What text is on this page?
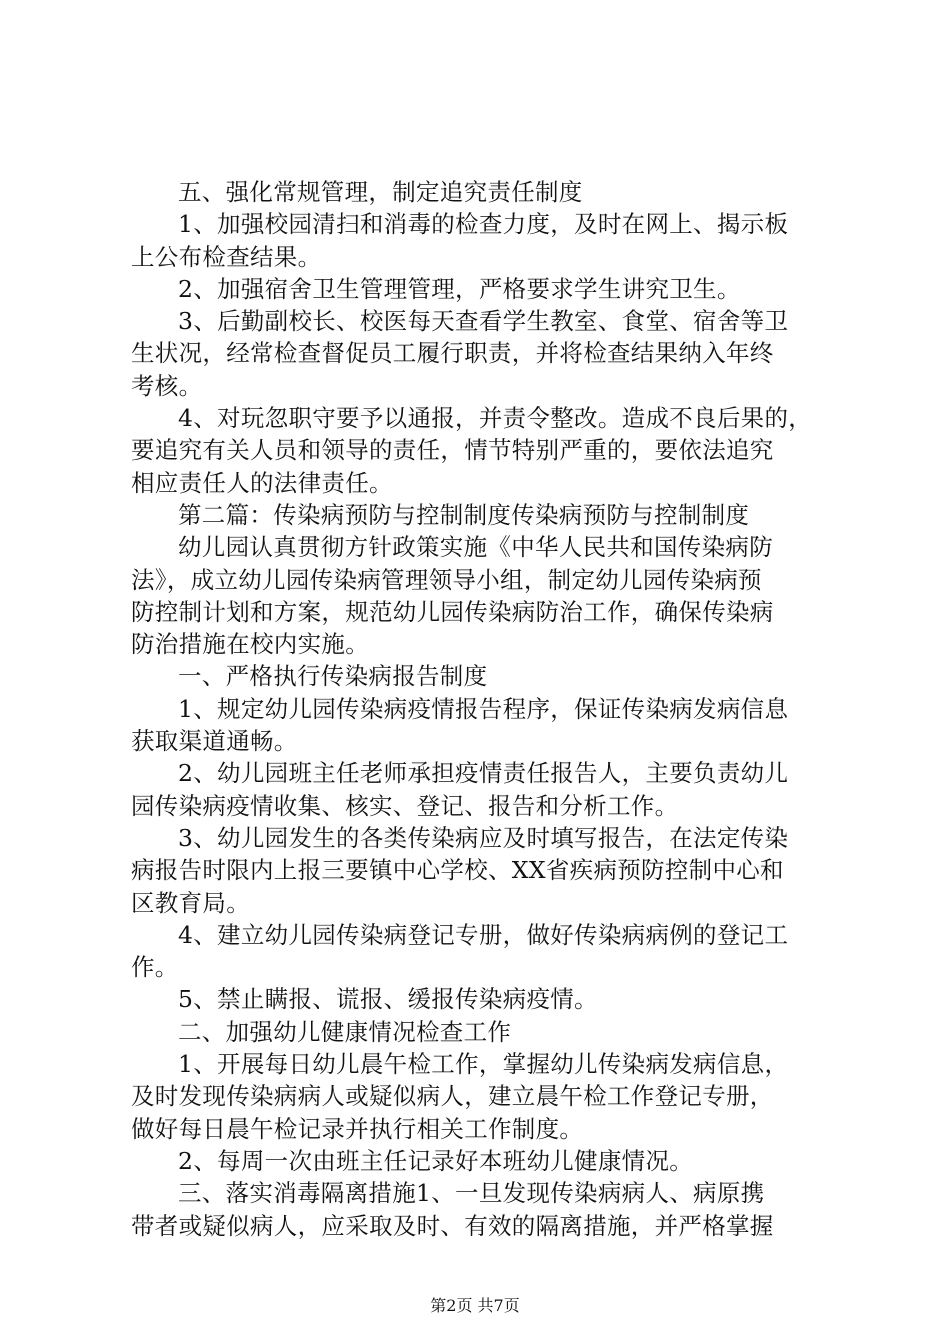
五、强化常规管理，制定追究责任制度
1、加强校园清扫和消毒的检查力度，及时在网上、揭示板
上公布检查结果。
2、加强宿舍卫生管理管理，严格要求学生讲究卫生。
3、后勤副校长、校医每天查看学生教室、食堂、宿舍等卫
生状况，经常检查督促员工履行职责，并将检查结果纳入年终
考核。
4、对玩忽职守要予以通报，并责令整改。造成不良后果的，
要追究有关人员和领导的责任，情节特别严重的，要依法追究
相应责任人的法律责任。
第二篇：传染病预防与控制制度传染病预防与控制制度
幼儿园认真贯彻方针政策实施《中华人民共和国传染病防
法》，成立幼儿园传染病管理领导小组，制定幼儿园传染病预
防控制计划和方案，规范幼儿园传染病防治工作，确保传染病
防治措施在校内实施。
一、严格执行传染病报告制度
1、规定幼儿园传染病疫情报告程序，保证传染病发病信息
获取渠道通畅。
2、幼儿园班主任老师承担疫情责任报告人，主要负责幼儿
园传染病疫情收集、核实、登记、报告和分析工作。
3、幼儿园发生的各类传染病应及时填写报告，在法定传染
病报告时限内上报三要镇中心学校、XX省疾病预防控制中心和
区教育局。
4、建立幼儿园传染病登记专册，做好传染病病例的登记工
作。
5、禁止瞒报、谎报、缓报传染病疫情。
二、加强幼儿健康情况检查工作
1、开展每日幼儿晨午检工作，掌握幼儿传染病发病信息，
及时发现传染病病人或疑似病人，建立晨午检工作登记专册，
做好每日晨午检记录并执行相关工作制度。
2、每周一次由班主任记录好本班幼儿健康情况。
三、落实消毒隔离措施1、一旦发现传染病病人、病原携
带者或疑似病人，应采取及时、有效的隔离措施，并严格掌握
第2页 共7页
